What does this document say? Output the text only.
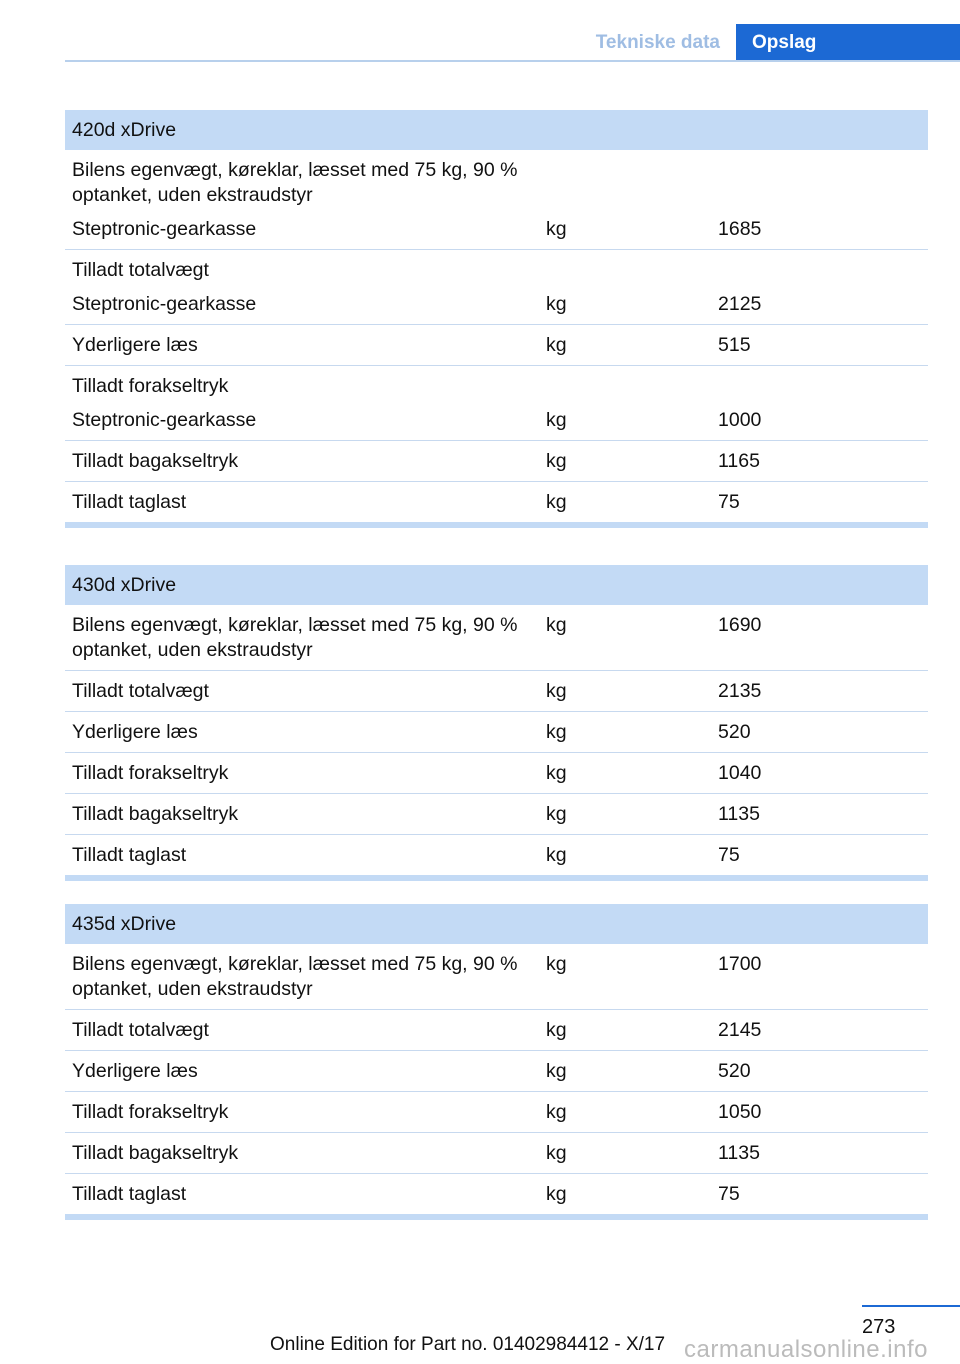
Tekniske data	Opslag
420d xDrive		
Bilens egenvægt, køreklar, læsset med 75 kg, 90 % optanket, uden ekstraudstyr		
Steptronic-gearkasse	kg	1685
Tilladt totalvægt		
Steptronic-gearkasse	kg	2125
Yderligere læs	kg	515
Tilladt forakseltryk		
Steptronic-gearkasse	kg	1000
Tilladt bagakseltryk	kg	1165
Tilladt taglast	kg	75
430d xDrive		
Bilens egenvægt, køreklar, læsset med 75 kg, 90 % optanket, uden ekstraudstyr	kg	1690
Tilladt totalvægt	kg	2135
Yderligere læs	kg	520
Tilladt forakseltryk	kg	1040
Tilladt bagakseltryk	kg	1135
Tilladt taglast	kg	75
435d xDrive		
Bilens egenvægt, køreklar, læsset med 75 kg, 90 % optanket, uden ekstraudstyr	kg	1700
Tilladt totalvægt	kg	2145
Yderligere læs	kg	520
Tilladt forakseltryk	kg	1050
Tilladt bagakseltryk	kg	1135
Tilladt taglast	kg	75
273
Online Edition for Part no. 01402984412 - X/17 carmanualsonline.info
